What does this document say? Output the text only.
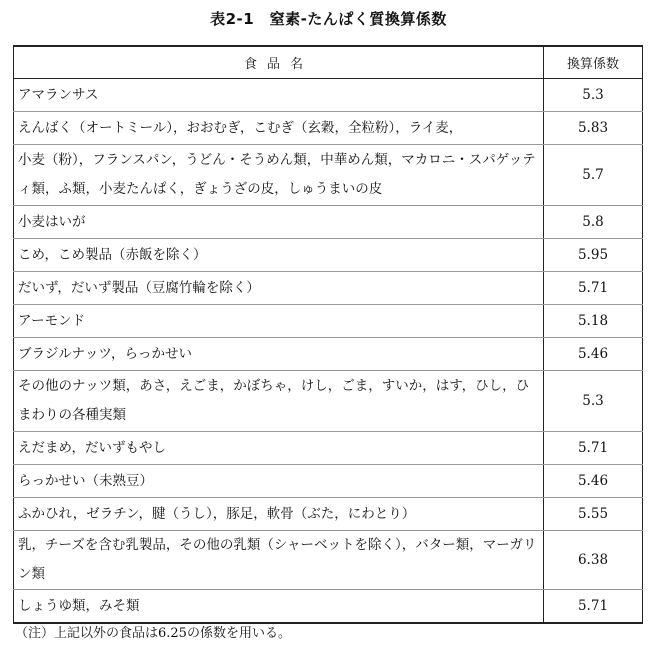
表2-1　窒素-たんぱく質換算係数
食品名	換算係数
アマランサス	5.3
えんばく（オートミール），おおむぎ，こむぎ（玄穀，全粒粉），ライ麦，	5.83
小麦（粉），フランスパン，うどん・そうめん類，中華めん類，マカロニ・スパゲッティ類，ふ類，小麦たんぱく，ぎょうざの皮，しゅうまいの皮	5.7
小麦はいが	5.8
こめ，こめ製品（赤飯を除く）	5.95
だいず，だいず製品（豆腐竹輪を除く）	5.71
アーモンド	5.18
ブラジルナッツ，らっかせい	5.46
その他のナッツ類，あさ，えごま，かぼちゃ，けし，ごま，すいか，はす，ひし，ひまわりの各種実類	5.3
えだまめ，だいずもやし	5.71
らっかせい（未熟豆）	5.46
ふかひれ，ゼラチン，腱（うし），豚足，軟骨（ぶた，にわとり）	5.55
乳，チーズを含む乳製品，その他の乳類（シャーベットを除く），バター類，マーガリン類	6.38
しょうゆ類，みそ類	5.71
（注）上記以外の食品は6.25の係数を用いる。
